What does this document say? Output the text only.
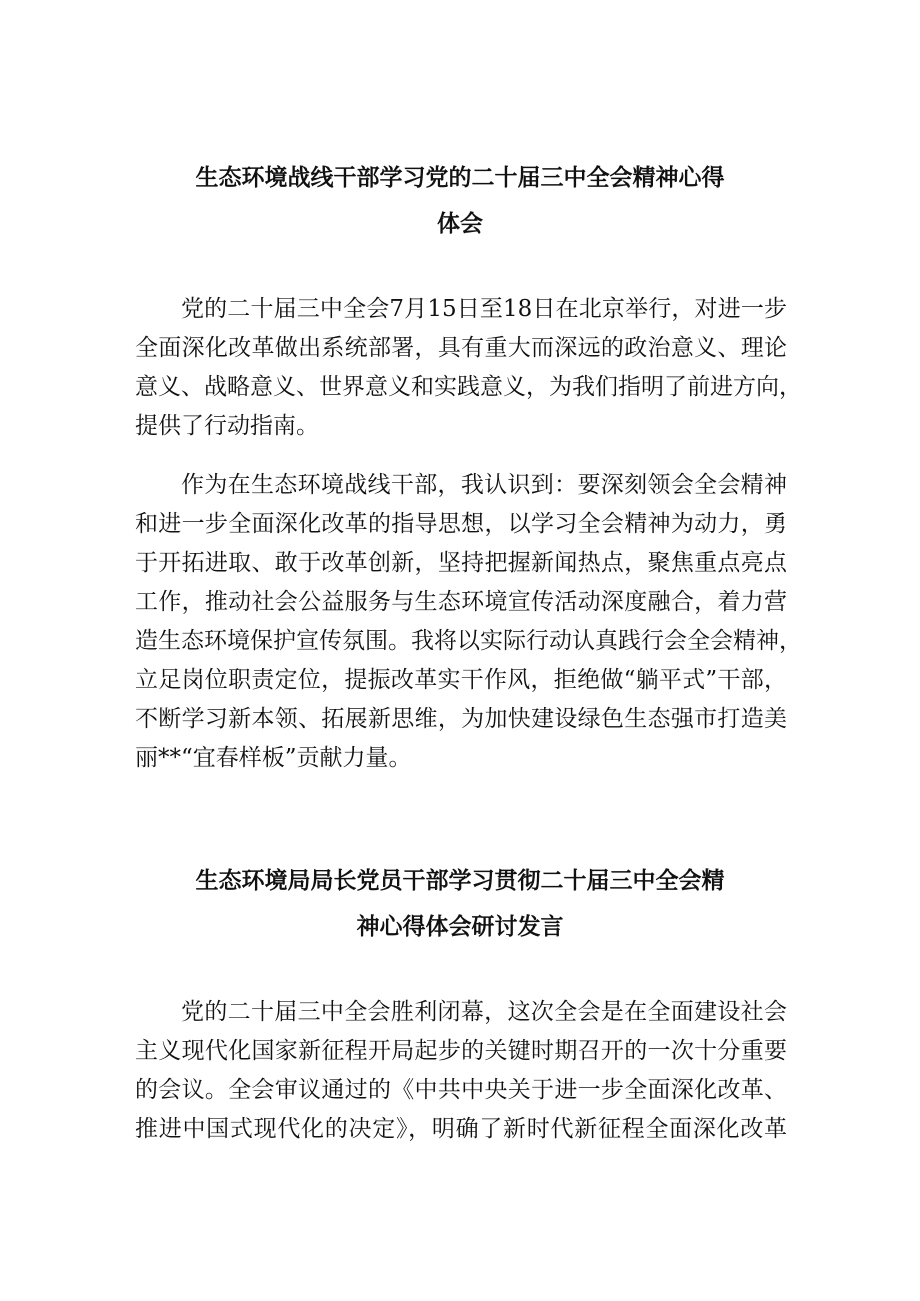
生态环境战线干部学习党的二十届三中全会精神心得
体会

党的二十届三中全会7月15日至18日在北京举行，对进一步
全面深化改革做出系统部署，具有重大而深远的政治意义、理论
意义、战略意义、世界意义和实践意义，为我们指明了前进方向，
提供了行动指南。

作为在生态环境战线干部，我认识到：要深刻领会全会精神
和进一步全面深化改革的指导思想，以学习全会精神为动力，勇
于开拓进取、敢于改革创新，坚持把握新闻热点，聚焦重点亮点
工作，推动社会公益服务与生态环境宣传活动深度融合，着力营
造生态环境保护宣传氛围。我将以实际行动认真践行会全会精神，
立足岗位职责定位，提振改革实干作风，拒绝做“躺平式”干部，
不断学习新本领、拓展新思维，为加快建设绿色生态强市打造美
丽**“宜春样板”贡献力量。

生态环境局局长党员干部学习贯彻二十届三中全会精
神心得体会研讨发言

党的二十届三中全会胜利闭幕，这次全会是在全面建设社会
主义现代化国家新征程开局起步的关键时期召开的一次十分重要
的会议。全会审议通过的《中共中央关于进一步全面深化改革、
推进中国式现代化的决定》，明确了新时代新征程全面深化改革
